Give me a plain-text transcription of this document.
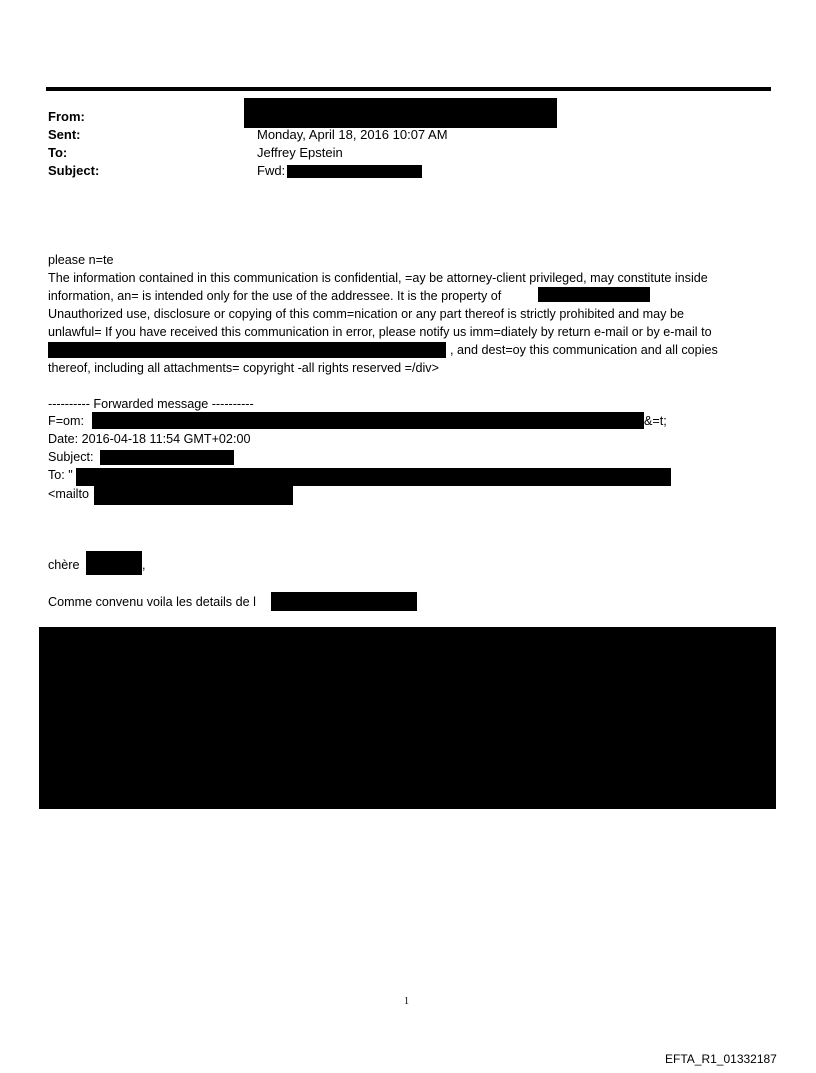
From:
Sent:	Monday, April 18, 2016 10:07 AM
To:	Jeffrey Epstein
Subject:	Fwd:
please n=te
The information contained in this communication is confidential, =ay be attorney-client privileged, may constitute inside
information, an= is intended only for the use of the addressee. It is the property of
Unauthorized use, disclosure or copying of this comm=nication or any part thereof is strictly prohibited and may be
unlawful= If you have received this communication in error, please notify us imm=diately by return e-mail or by e-mail to
, and dest=oy this communication and all copies
thereof, including all attachments= copyright -all rights reserved =/div>
---------- Forwarded message ----------
F=om:	&=t;
Date: 2016-04-18 11:54 GMT+02:00
Subject:
To: "
<mailto
chère	,
Comme convenu voila les details de l
1
EFTA_R1_01332187
